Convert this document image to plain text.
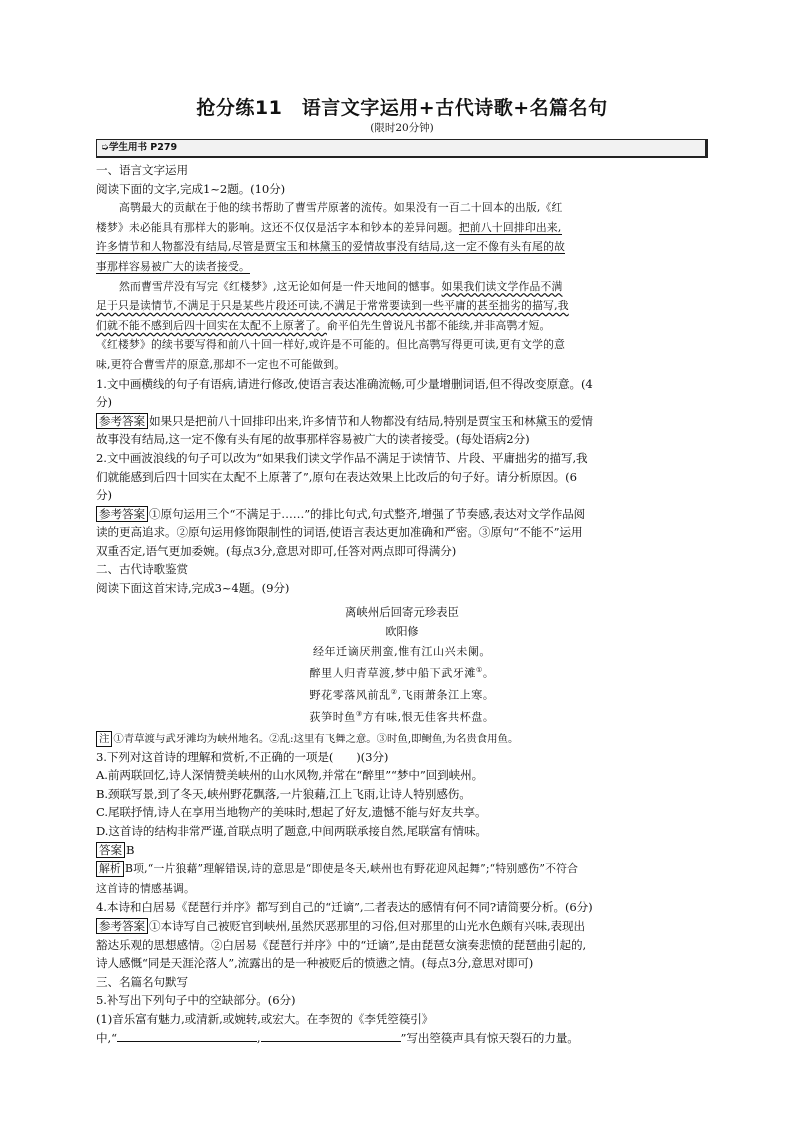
抢分练11　语言文字运用+古代诗歌+名篇名句
(限时20分钟)
➭学生用书 P279
一、语言文字运用
阅读下面的文字,完成1~2题。(10分)
高鹗最大的贡献在于他的续书帮助了曹雪芹原著的流传。如果没有一百二十回本的出版,《红
楼梦》未必能具有那样大的影响。这还不仅仅是活字本和钞本的差异问题。把前八十回排印出来,
许多情节和人物都没有结局,尽管是贾宝玉和林黛玉的爱情故事没有结局,这一定不像有头有尾的故
事那样容易被广大的读者接受。
然而曹雪芹没有写完《红楼梦》,这无论如何是一件天地间的憾事。如果我们读文学作品不满
足于只是读情节,不满足于只是某些片段还可读,不满足于常常要读到一些平庸的甚至拙劣的描写,我
们就不能不感到后四十回实在太配不上原著了。俞平伯先生曾说凡书都不能续,并非高鹗才短。
《红楼梦》的续书要写得和前八十回一样好,或许是不可能的。但比高鹗写得更可读,更有文学的意
味,更符合曹雪芹的原意,那却不一定也不可能做到。
1.文中画横线的句子有语病,请进行修改,使语言表达准确流畅,可少量增删词语,但不得改变原意。(4
分)
参考答案 如果只是把前八十回排印出来,许多情节和人物都没有结局,特别是贾宝玉和林黛玉的爱情
故事没有结局,这一定不像有头有尾的故事那样容易被广大的读者接受。(每处语病2分)
2.文中画波浪线的句子可以改为“如果我们读文学作品不满足于读情节、片段、平庸拙劣的描写,我
们就能感到后四十回实在太配不上原著了”,原句在表达效果上比改后的句子好。请分析原因。(6
分)
参考答案 ①原句运用三个“不满足于……”的排比句式,句式整齐,增强了节奏感,表达对文学作品阅
读的更高追求。②原句运用修饰限制性的词语,使语言表达更加准确和严密。③原句“不能不”运用
双重否定,语气更加委婉。(每点3分,意思对即可,任答对两点即可得满分)
二、古代诗歌鉴赏
阅读下面这首宋诗,完成3~4题。(9分)
离峡州后回寄元珍表臣
欧阳修
经年迁谪厌荆蛮,惟有江山兴未阑。
醉里人归青草渡,梦中船下武牙滩①。
野花零落风前乱②,飞雨萧条江上寒。
荻笋时鱼③方有味,恨无佳客共杯盘。
注 ①青草渡与武牙滩均为峡州地名。②乱:这里有飞舞之意。③时鱼,即鲥鱼,为名贵食用鱼。
3.下列对这首诗的理解和赏析,不正确的一项是(　　)(3分)
A.前两联回忆,诗人深情赞美峡州的山水风物,并常在“醉里”“梦中”回到峡州。
B.颈联写景,到了冬天,峡州野花飘落,一片狼藉,江上飞雨,让诗人特别感伤。
C.尾联抒情,诗人在享用当地物产的美味时,想起了好友,遗憾不能与好友共享。
D.这首诗的结构非常严谨,首联点明了题意,中间两联承接自然,尾联富有情味。
答案 B
解析 B项,“一片狼藉”理解错误,诗的意思是“即使是冬天,峡州也有野花迎风起舞”;“特别感伤”不符合
这首诗的情感基调。
4.本诗和白居易《琵琶行并序》都写到自己的“迁谪”,二者表达的感情有何不同?请简要分析。(6分)
参考答案 ①本诗写自己被贬官到峡州,虽然厌恶那里的习俗,但对那里的山光水色颇有兴味,表现出
豁达乐观的思想感情。②白居易《琵琶行并序》中的“迁谪”,是由琵琶女演奏悲愤的琵琶曲引起的,
诗人感慨“同是天涯沦落人”,流露出的是一种被贬后的愤懑之情。(每点3分,意思对即可)
三、名篇名句默写
5.补写出下列句子中的空缺部分。(6分)
(1)音乐富有魅力,或清新,或婉转,或宏大。在李贺的《李凭箜篌引》
中,“	,	”写出箜篌声具有惊天裂石的力量。
